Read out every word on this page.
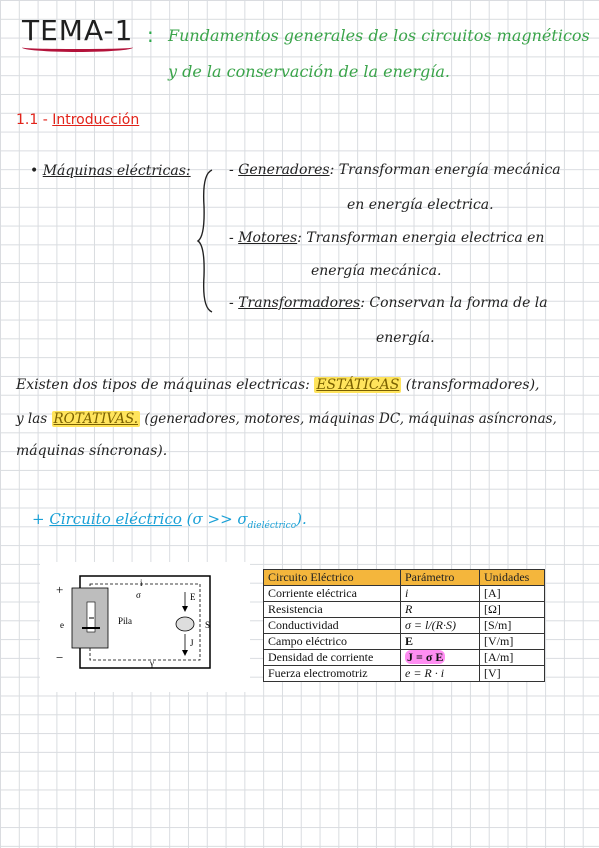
TEMA-1 : Fundamentos generales de los circuitos magnéticos
y de la conservación de la energía.
1.1 - Introducción
• Máquinas eléctricas:	- Generadores: Transforman energía mecánica
en energía electrica.
- Motores: Transforman energia electrica en
energía mecánica.
- Transformadores: Conservan la forma de la
energía.
Existen dos tipos de máquinas electricas: ESTÁTICAS (transformadores),
y las ROTATIVAS. (generadores, motores, máquinas DC, máquinas asíncronas,
máquinas síncronas).
+ Circuito eléctrico $(\sigma >> \sigma_{dieléctrico})$.
+
−
e
i
σ
Pila
E
J
S
γ
Circuito Eléctrico	Parámetro	Unidades
Corriente eléctrica	i	[A]
Resistencia	R	[Ω]
Conductividad	σ = l/(R·S)	[S/m]
Campo eléctrico	E	[V/m]
Densidad de corriente	J = σ E	[A/m]
Fuerza electromotriz	e = R · i	[V]
